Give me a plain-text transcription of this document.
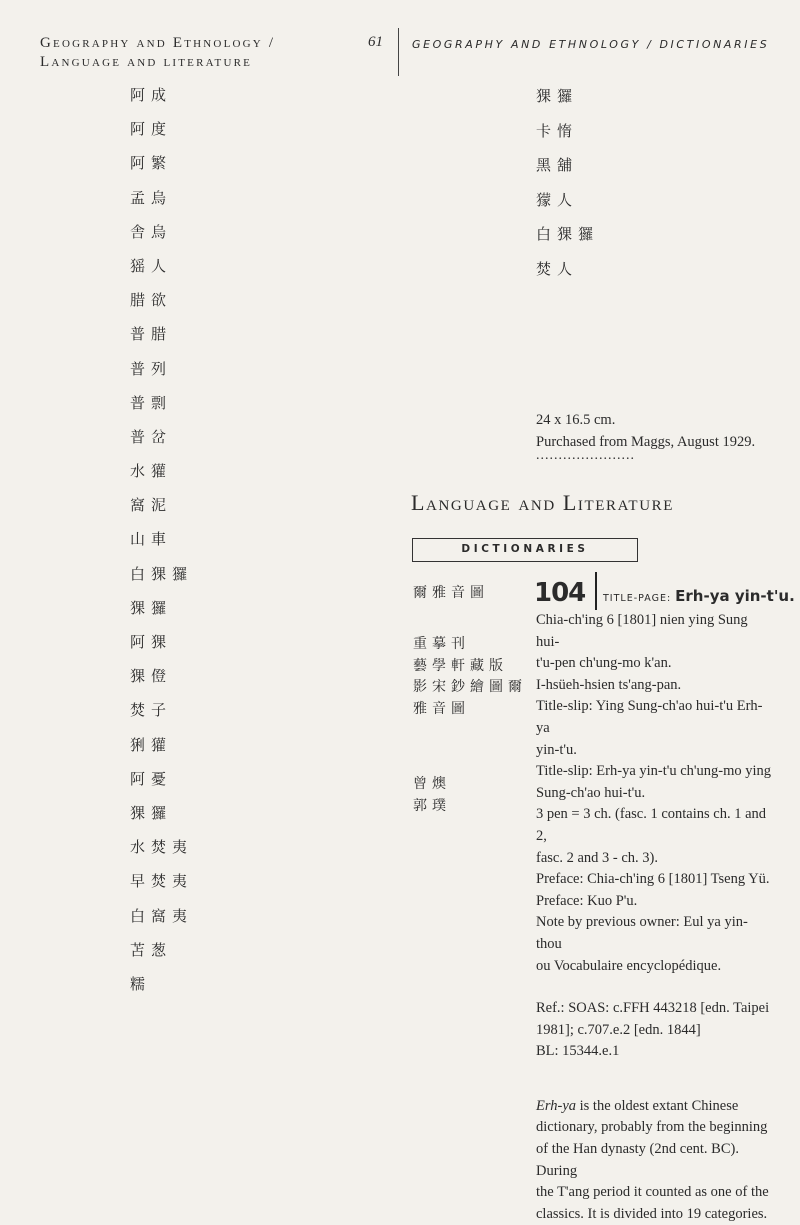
Geography and Ethnology /
Language and literature
61	GEOGRAPHY AND ETHNOLOGY / DICTIONARIES
阿成
阿度
阿繁
孟烏
舎烏
猺人
腊欲
普腊
普列
普剽
普岔
水獾
窩泥
山車
白猓玀
猓玀
阿猓
猓僜
焚子
猁獾
阿憂
猓玀
水焚夷
早焚夷
白窩夷
苫葱
糯
猓玀
卡惰
黑舖
獴人
白猓玀
焚人
24 x 16.5 cm.
Purchased from Maggs, August 1929.
......................
Language and Literature
DICTIONARIES
爾雅音圖
重摹刊
藝學軒藏版
影宋鈔繪圖爾
雅音圖
曾燠
郭璞
104 TITLE-PAGE: Erh-ya yin-t'u.

Chia-ch'ing 6 [1801] nien ying Sung hui-

t'u-pen ch'ung-mo k'an.

I-hsüeh-hsien ts'ang-pan.

Title-slip: Ying Sung-ch'ao hui-t'u Erh-ya

yin-t'u.

Title-slip: Erh-ya yin-t'u ch'ung-mo ying

Sung-ch'ao hui-t'u.

3 pen = 3 ch. (fasc. 1 contains ch. 1 and 2,

fasc. 2 and 3 - ch. 3).

Preface: Chia-ch'ing 6 [1801] Tseng Yü.

Preface: Kuo P'u.

Note by previous owner: Eul ya yin-thou

ou Vocabulaire encyclopédique.

Ref.: SOAS: c.FFH 443218 [edn. Taipei

1981]; c.707.e.2 [edn. 1844]

BL: 15344.e.1

Erh-ya is the oldest extant Chinese

dictionary, probably from the beginning

of the Han dynasty (2nd cent. BC). During

the T'ang period it counted as one of the

classics. It is divided into 19 categories.
